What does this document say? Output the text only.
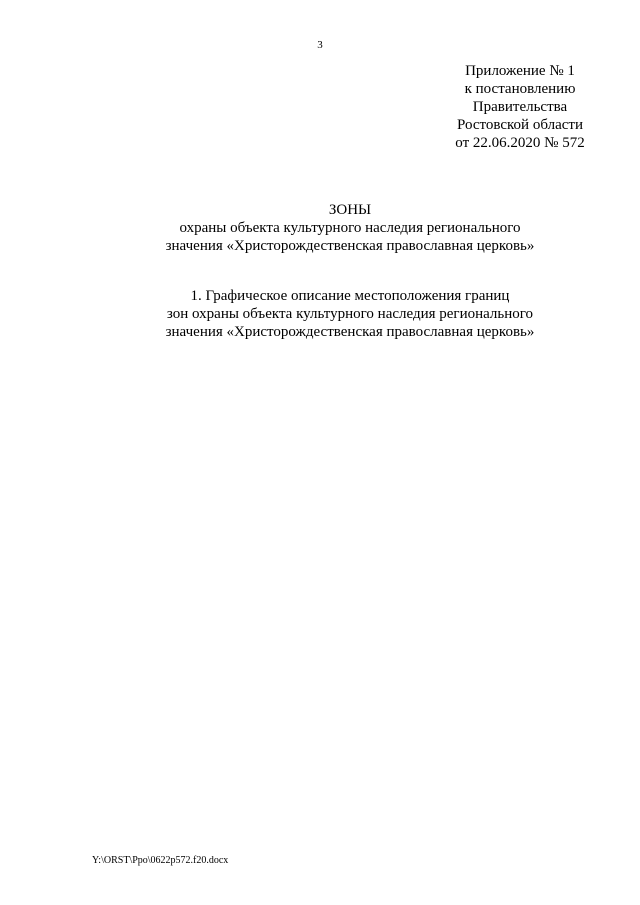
3
Приложение № 1
к постановлению
Правительства
Ростовской области
от 22.06.2020 № 572
ЗОНЫ
охраны объекта культурного наследия регионального
значения «Христорождественская православная церковь»
1. Графическое описание местоположения границ
зон охраны объекта культурного наследия регионального
значения «Христорождественская православная церковь»
Y:\ORST\Ppo\0622p572.f20.docx
